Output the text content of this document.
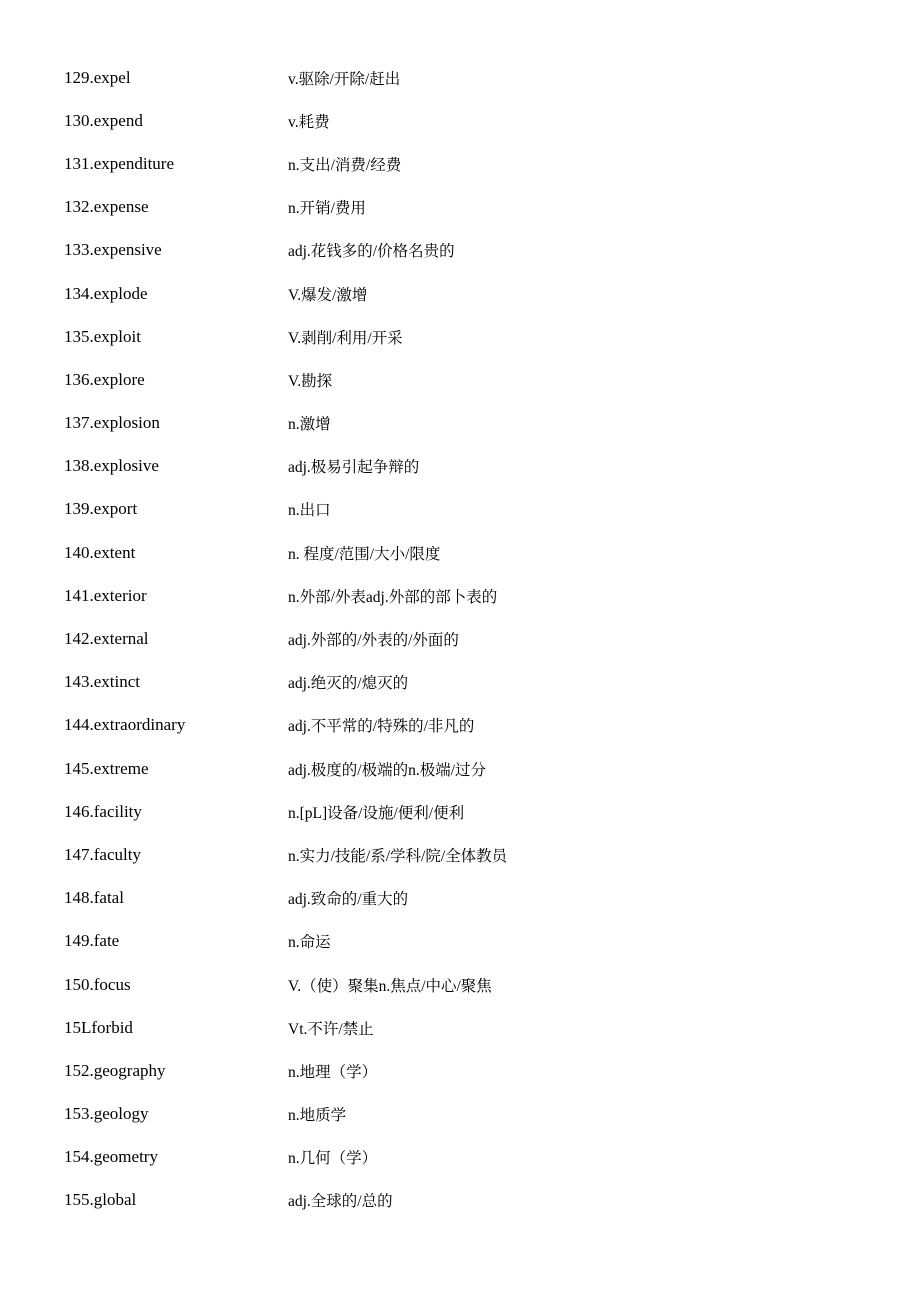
129.expel	v.驱除/开除/赶出
130.expend	v.耗费
131.expenditure	n.支出/消费/经费
132.expense	n.开销/费用
133.expensive	adj.花钱多的/价格名贵的
134.explode	V.爆发/激增
135.exploit	V.剥削/利用/开采
136.explore	V.勘探
137.explosion	n.激增
138.explosive	adj.极易引起争辩的
139.export	n.出口
140.extent	n. 程度/范围/大小/限度
141.exterior	n.外部/外表adj.外部的部卜表的
142.external	adj.外部的/外表的/外面的
143.extinct	adj.绝灭的/熄灭的
144.extraordinary	adj.不平常的/特殊的/非凡的
145.extreme	adj.极度的/极端的n.极端/过分
146.facility	n.[pL]设备/设施/便利/便利
147.faculty	n.实力/技能/系/学科/院/全体教员
148.fatal	adj.致命的/重大的
149.fate	n.命运
150.focus	V.（使）聚集n.焦点/中心/聚焦
15Lforbid	Vt.不许/禁止
152.geography	n.地理（学）
153.geology	n.地质学
154.geometry	n.几何（学）
155.global	adj.全球的/总的
